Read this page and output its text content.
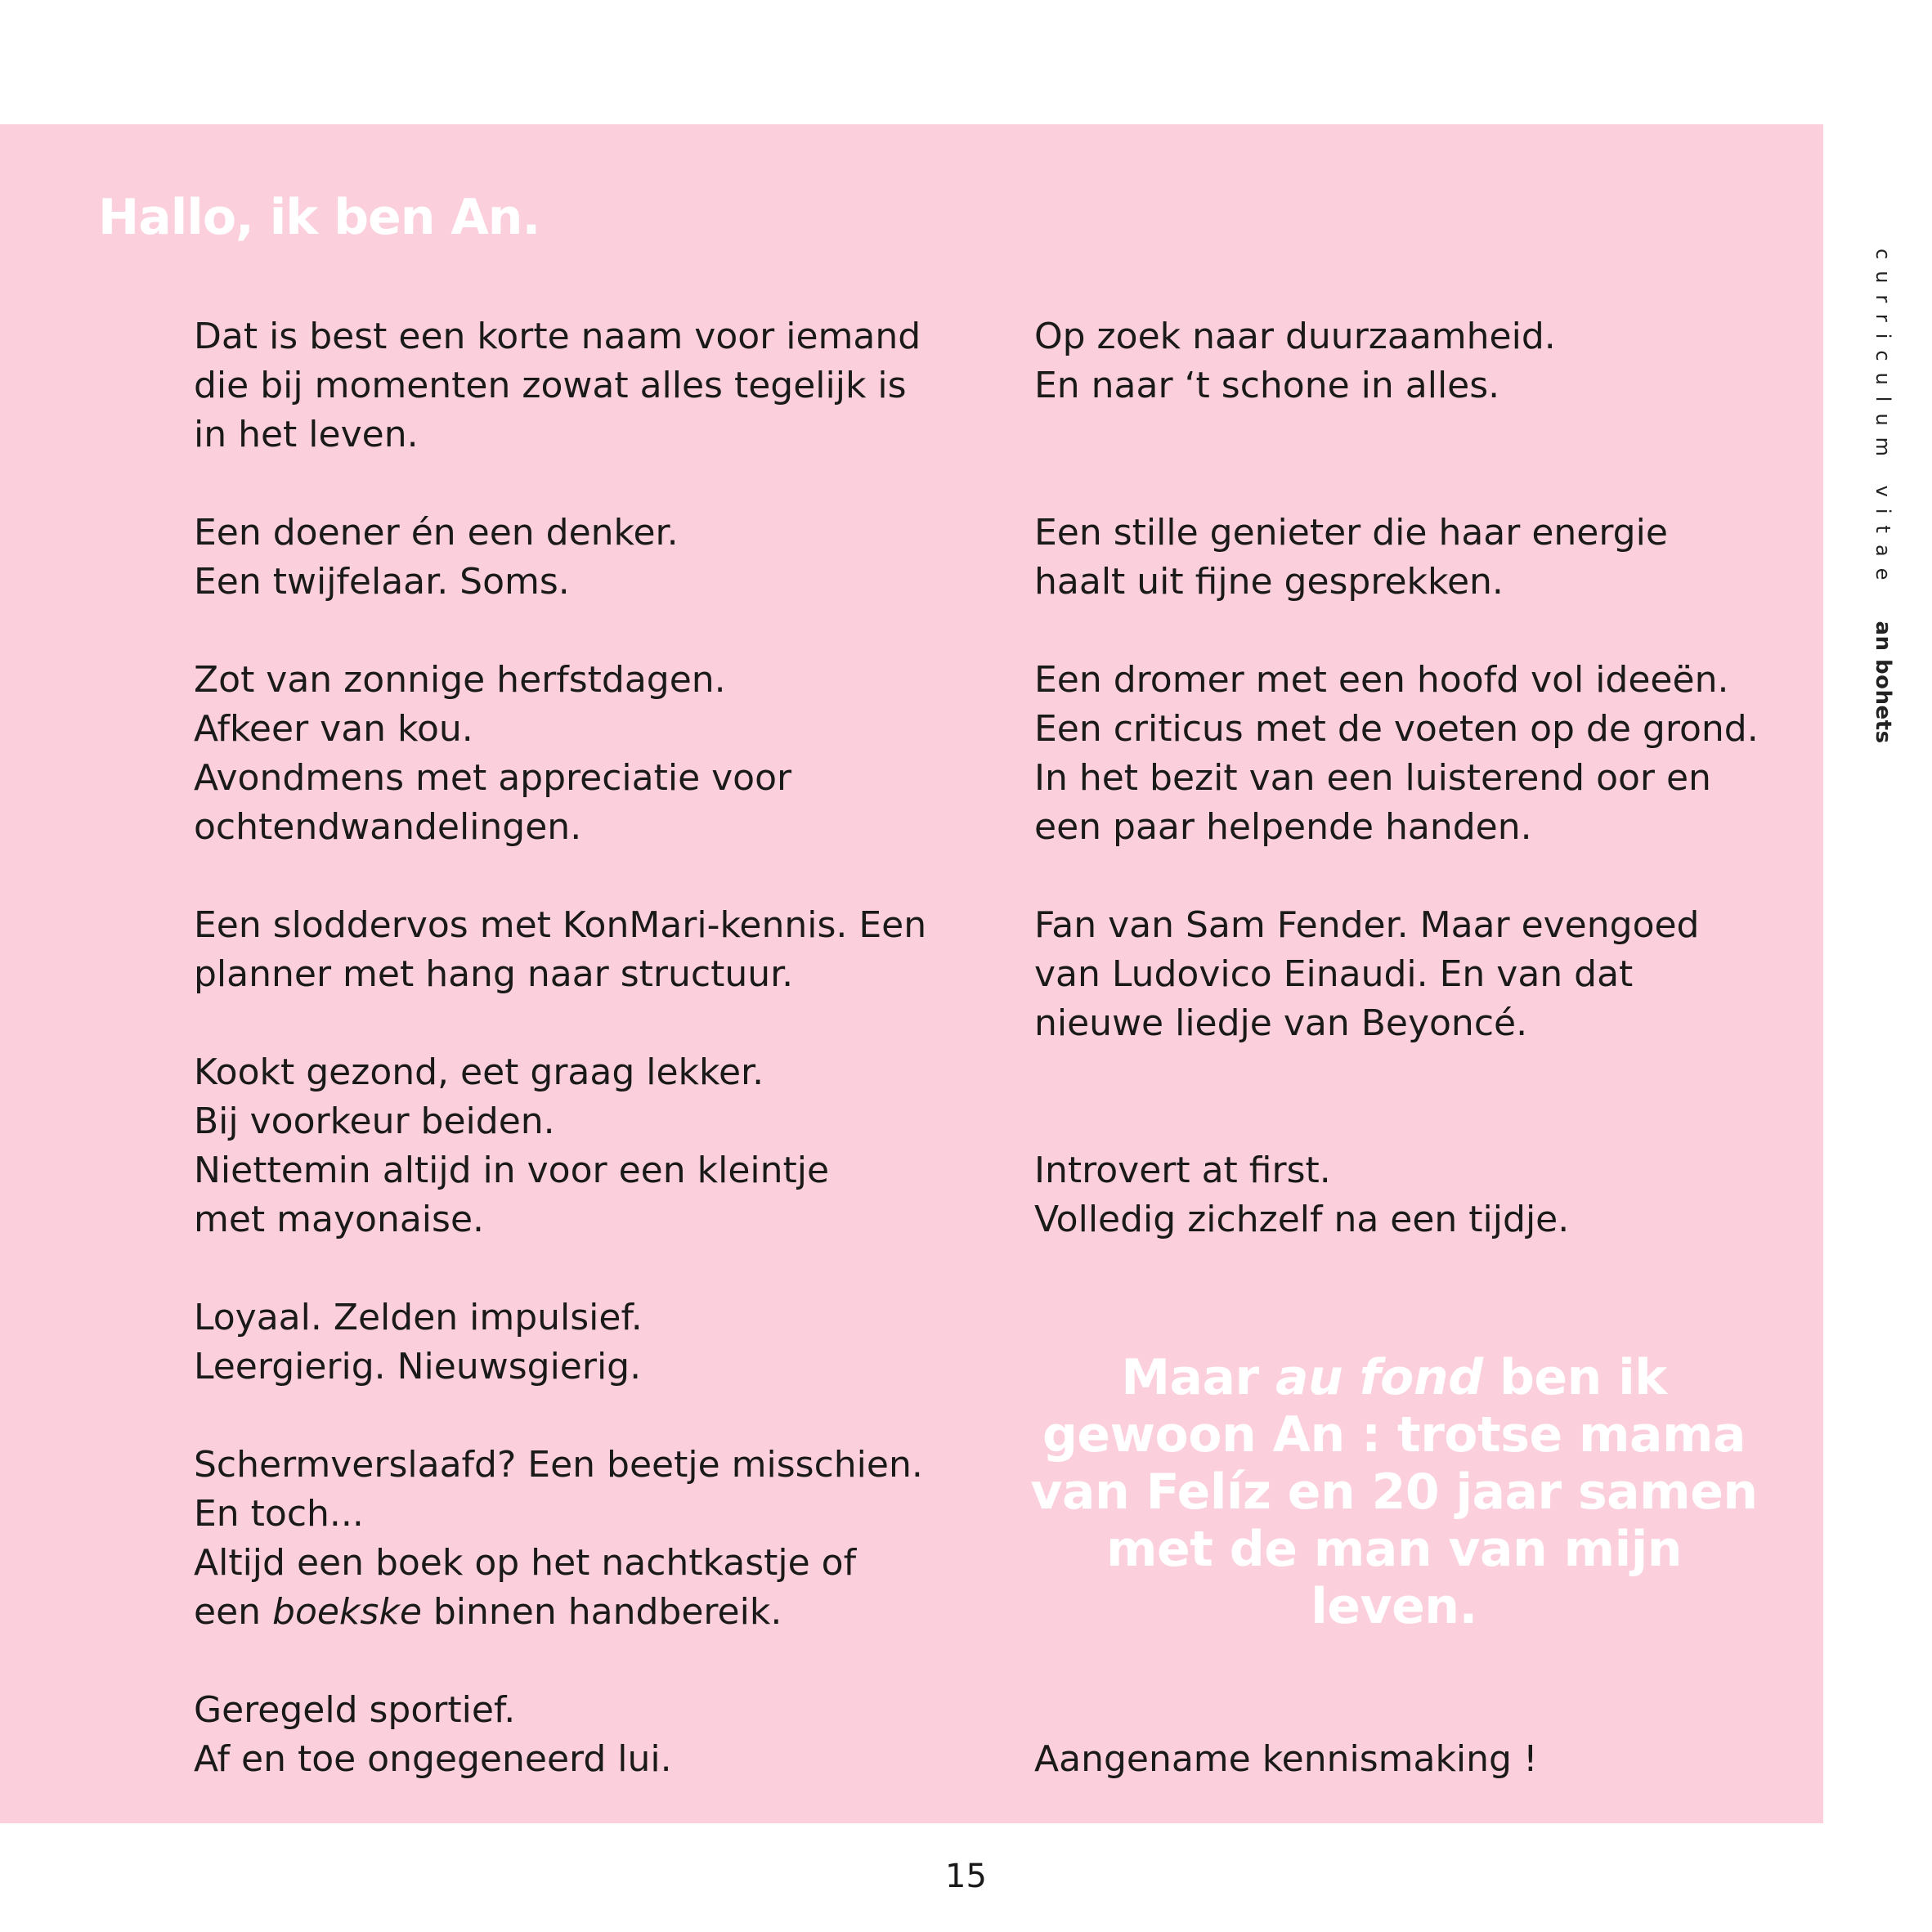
Hallo, ik ben An.
curriculum vitaean bohets

Dat is best een korte naam voor iemand
die bij momenten zowat alles tegelijk is
in het leven.

Een doener én een denker.
Een twijfelaar. Soms.

Zot van zonnige herfstdagen.
Afkeer van kou.
Avondmens met appreciatie voor
ochtendwandelingen.

Een sloddervos met KonMari-kennis. Een
planner met hang naar structuur.

Kookt gezond, eet graag lekker.
Bij voorkeur beiden.
Niettemin altijd in voor een kleintje
met mayonaise.

Loyaal. Zelden impulsief.
Leergierig. Nieuwsgierig.

Schermverslaafd? Een beetje misschien.
En toch...
Altijd een boek op het nachtkastje of
een boekske binnen handbereik.

Geregeld sportief.
Af en toe ongegeneerd lui.

Op zoek naar duurzaamheid.
En naar ‘t schone in alles.

Een stille genieter die haar energie
haalt uit fijne gesprekken.

Een dromer met een hoofd vol ideeën.
Een criticus met de voeten op de grond.
In het bezit van een luisterend oor en
een paar helpende handen.

Fan van Sam Fender. Maar evengoed
van Ludovico Einaudi. En van dat
nieuwe liedje van Beyoncé.

Introvert at first.
Volledig zichzelf na een tijdje.

Aangename kennismaking !

Maar au fond ben ik
gewoon An : trotse mama
van Felíz en 20 jaar samen
met de man van mijn
leven.

15
